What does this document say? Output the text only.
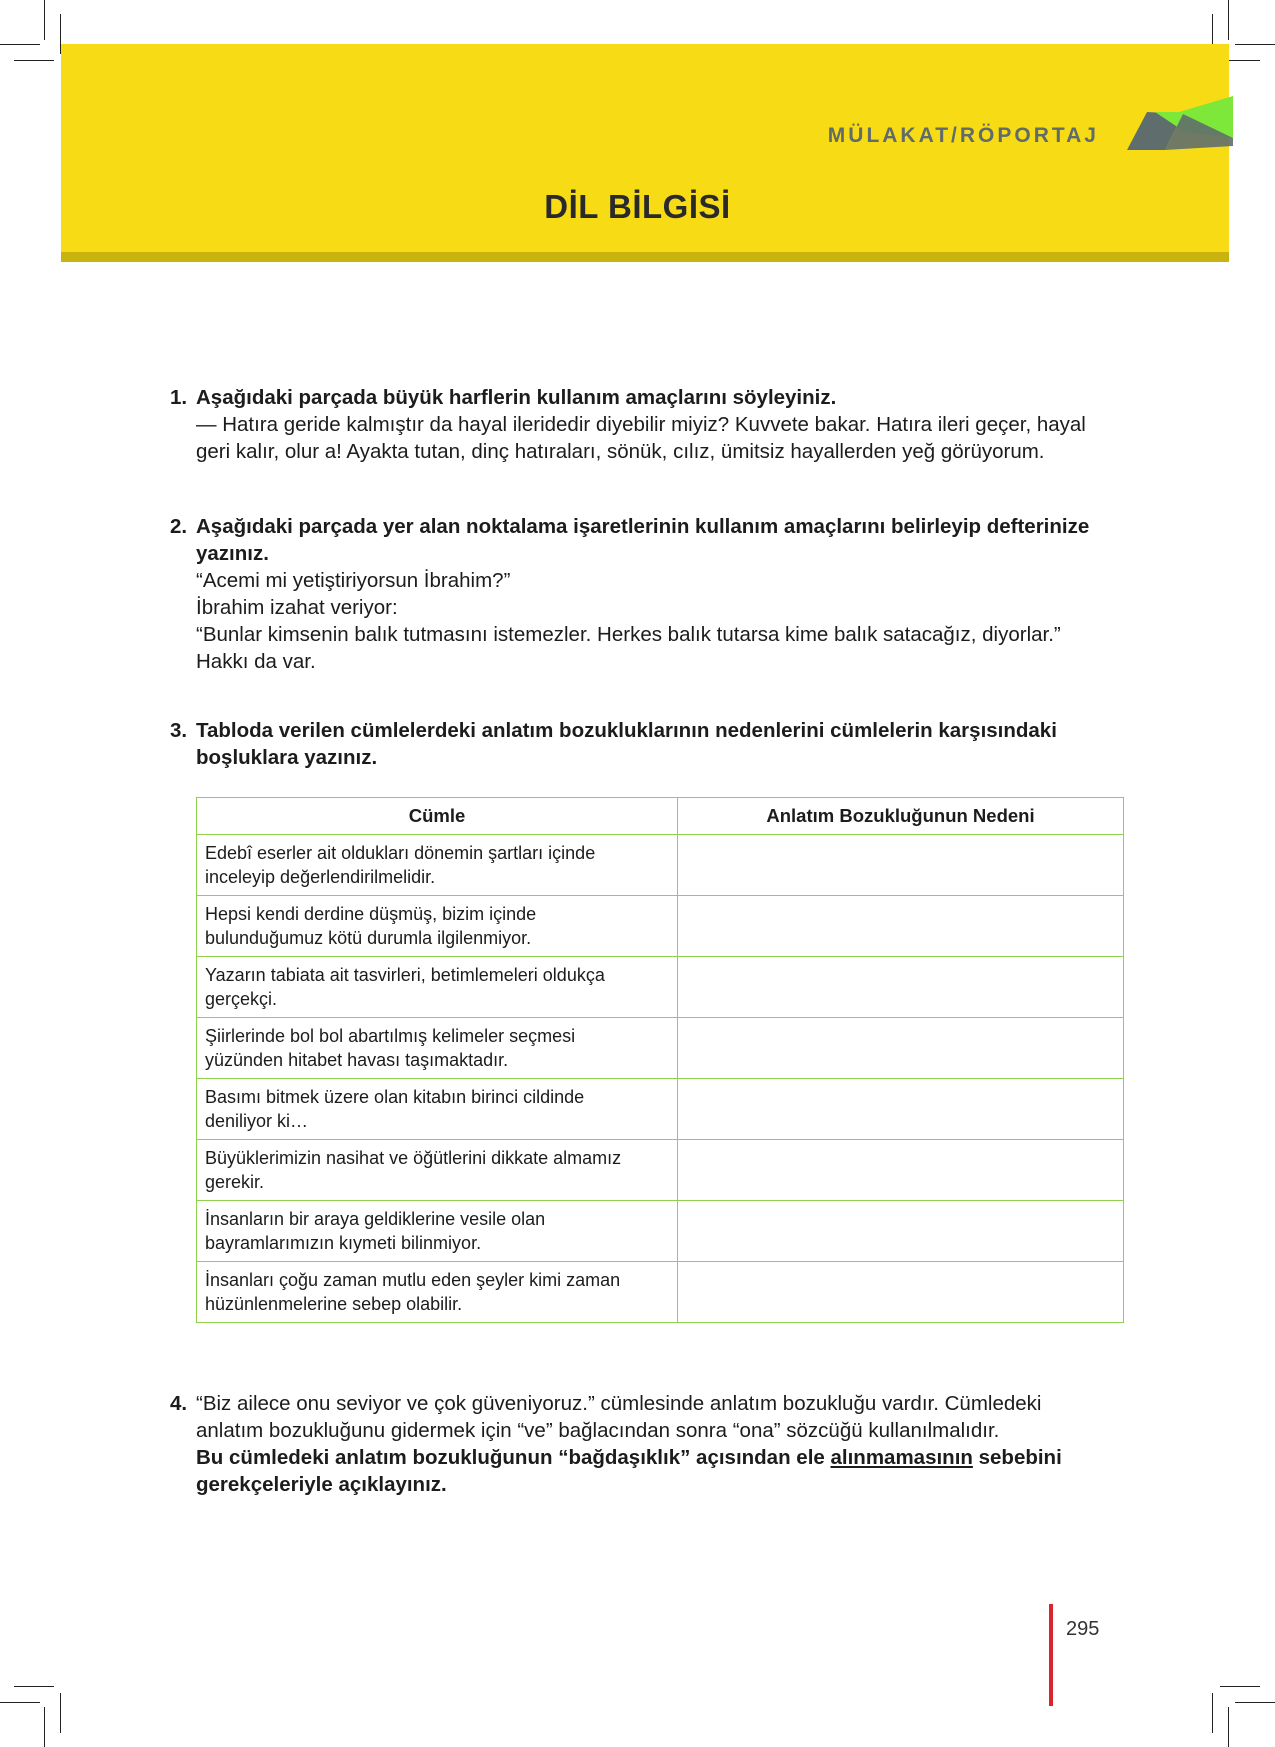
MÜLAKAT/RÖPORTAJ
DİL BİLGİSİ
1. Aşağıdaki parçada büyük harflerin kullanım amaçlarını söyleyiniz.
— Hatıra geride kalmıştır da hayal ileridedir diyebilir miyiz? Kuvvete bakar. Hatıra ileri geçer, hayal
geri kalır, olur a! Ayakta tutan, dinç hatıraları, sönük, cılız, ümitsiz hayallerden yeğ görüyorum.
2. Aşağıdaki parçada yer alan noktalama işaretlerinin kullanım amaçlarını belirleyip defterinize
yazınız.
“Acemi mi yetiştiriyorsun İbrahim?”
İbrahim izahat veriyor:
“Bunlar kimsenin balık tutmasını istemezler. Herkes balık tutarsa kime balık satacağız, diyorlar.”
Hakkı da var.
3. Tabloda verilen cümlelerdeki anlatım bozukluklarının nedenlerini cümlelerin karşısındaki
boşluklara yazınız.
Cümle	Anlatım Bozukluğunun Nedeni

Edebî eserler ait oldukları dönemin şartları içinde
inceleyip değerlendirilmelidir.	

Hepsi kendi derdine düşmüş, bizim içinde
bulunduğumuz kötü durumla ilgilenmiyor.	

Yazarın tabiata ait tasvirleri, betimlemeleri oldukça
gerçekçi.	

Şiirlerinde bol bol abartılmış kelimeler seçmesi
yüzünden hitabet havası taşımaktadır.	

Basımı bitmek üzere olan kitabın birinci cildinde
deniliyor ki…	

Büyüklerimizin nasihat ve öğütlerini dikkate almamız
gerekir.	

İnsanların bir araya geldiklerine vesile olan
bayramlarımızın kıymeti bilinmiyor.	

İnsanları çoğu zaman mutlu eden şeyler kimi zaman
hüzünlenmelerine sebep olabilir.	

4. “Biz ailece onu seviyor ve çok güveniyoruz.” cümlesinde anlatım bozukluğu vardır. Cümledeki
anlatım bozukluğunu gidermek için “ve” bağlacından sonra “ona” sözcüğü kullanılmalıdır.
Bu cümledeki anlatım bozukluğunun “bağdaşıklık” açısından ele alınmamasının sebebini
gerekçeleriyle açıklayınız.
295
